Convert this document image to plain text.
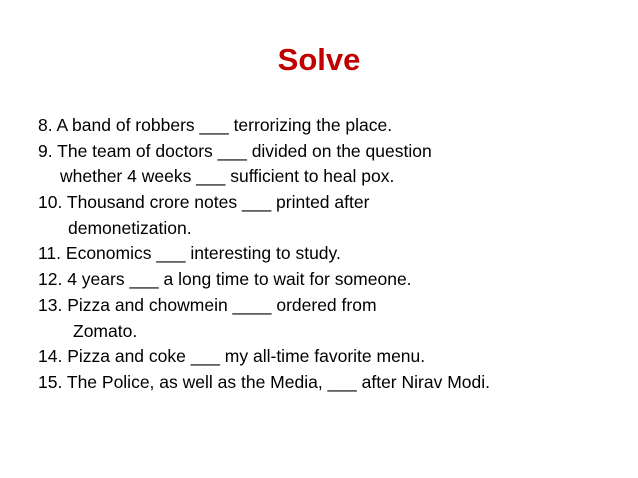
Solve
8. A band of robbers ___ terrorizing the place.
9. The team of doctors ___ divided on the question
whether 4 weeks ___ sufficient to heal pox.
10. Thousand crore notes ___ printed after
demonetization.
11. Economics ___ interesting to study.
12. 4 years ___ a long time to wait for someone.
13. Pizza and chowmein ____ ordered from
Zomato.
14. Pizza and coke ___ my all-time favorite menu.
15. The Police, as well as the Media, ___ after Nirav Modi.
